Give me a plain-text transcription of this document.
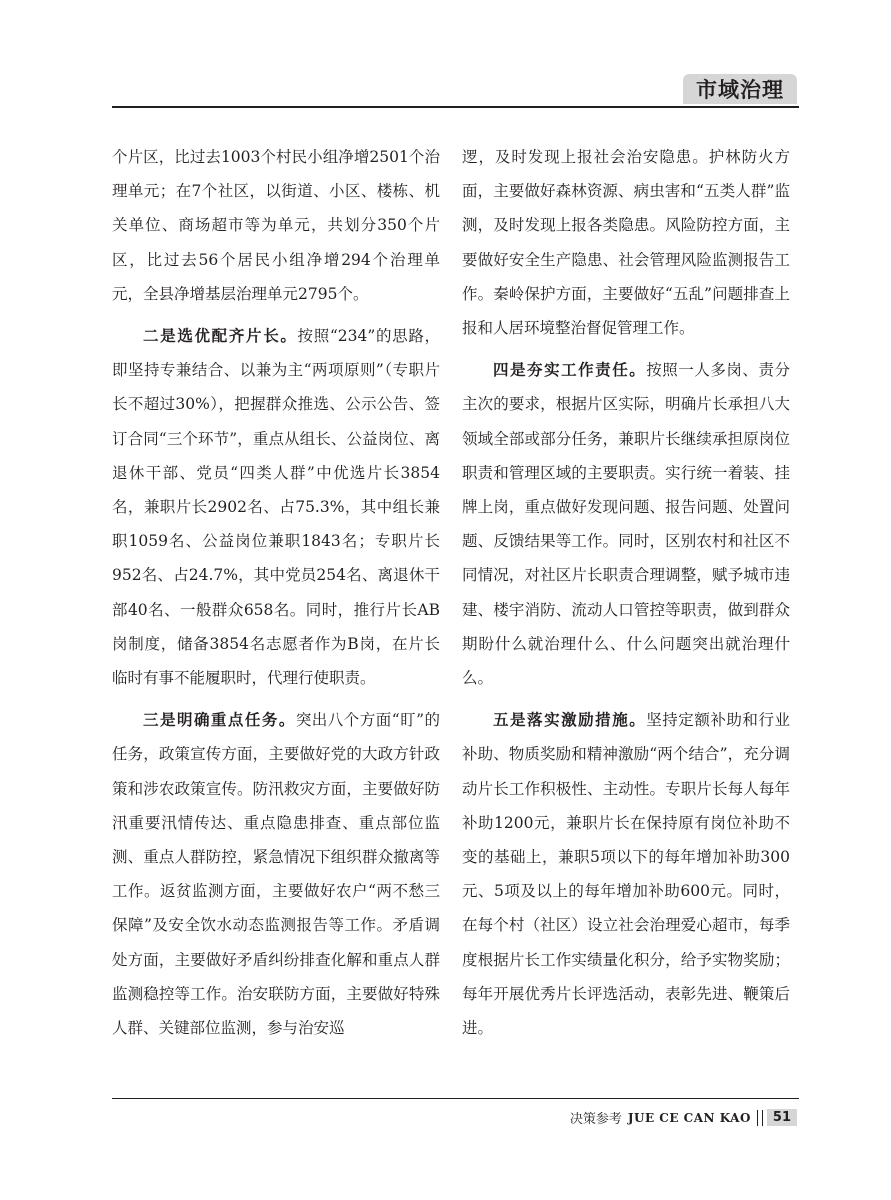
市域治理

个片区，比过去1003个村民小组净增2501个治理单元；在7个社区，以街道、小区、楼栋、机关单位、商场超市等为单元，共划分350个片区，比过去56个居民小组净增294个治理单元，全县净增基层治理单元2795个。

二是选优配齐片长。按照“234”的思路，即坚持专兼结合、以兼为主“两项原则”（专职片长不超过30%），把握群众推选、公示公告、签订合同“三个环节”，重点从组长、公益岗位、离退休干部、党员“四类人群”中优选片长3854名，兼职片长2902名、占75.3%，其中组长兼职1059名、公益岗位兼职1843名；专职片长952名、占24.7%，其中党员254名、离退休干部40名、一般群众658名。同时，推行片长AB岗制度，储备3854名志愿者作为B岗，在片长临时有事不能履职时，代理行使职责。

三是明确重点任务。突出八个方面“盯”的任务，政策宣传方面，主要做好党的大政方针政策和涉农政策宣传。防汛救灾方面，主要做好防汛重要汛情传达、重点隐患排查、重点部位监测、重点人群防控，紧急情况下组织群众撤离等工作。返贫监测方面，主要做好农户“两不愁三保障”及安全饮水动态监测报告等工作。矛盾调处方面，主要做好矛盾纠纷排查化解和重点人群监测稳控等工作。治安联防方面，主要做好特殊人群、关键部位监测，参与治安巡

逻，及时发现上报社会治安隐患。护林防火方面，主要做好森林资源、病虫害和“五类人群”监测，及时发现上报各类隐患。风险防控方面，主要做好安全生产隐患、社会管理风险监测报告工作。秦岭保护方面，主要做好“五乱”问题排查上报和人居环境整治督促管理工作。

四是夯实工作责任。按照一人多岗、责分主次的要求，根据片区实际，明确片长承担八大领域全部或部分任务，兼职片长继续承担原岗位职责和管理区域的主要职责。实行统一着装、挂牌上岗，重点做好发现问题、报告问题、处置问题、反馈结果等工作。同时，区别农村和社区不同情况，对社区片长职责合理调整，赋予城市违建、楼宇消防、流动人口管控等职责，做到群众期盼什么就治理什么、什么问题突出就治理什么。

五是落实激励措施。坚持定额补助和行业补助、物质奖励和精神激励“两个结合”，充分调动片长工作积极性、主动性。专职片长每人每年补助1200元，兼职片长在保持原有岗位补助不变的基础上，兼职5项以下的每年增加补助300元、5项及以上的每年增加补助600元。同时，在每个村（社区）设立社会治理爱心超市，每季度根据片长工作实绩量化积分，给予实物奖励；每年开展优秀片长评选活动，表彰先进、鞭策后进。

决策参考 JUE CE CAN KAO	51
